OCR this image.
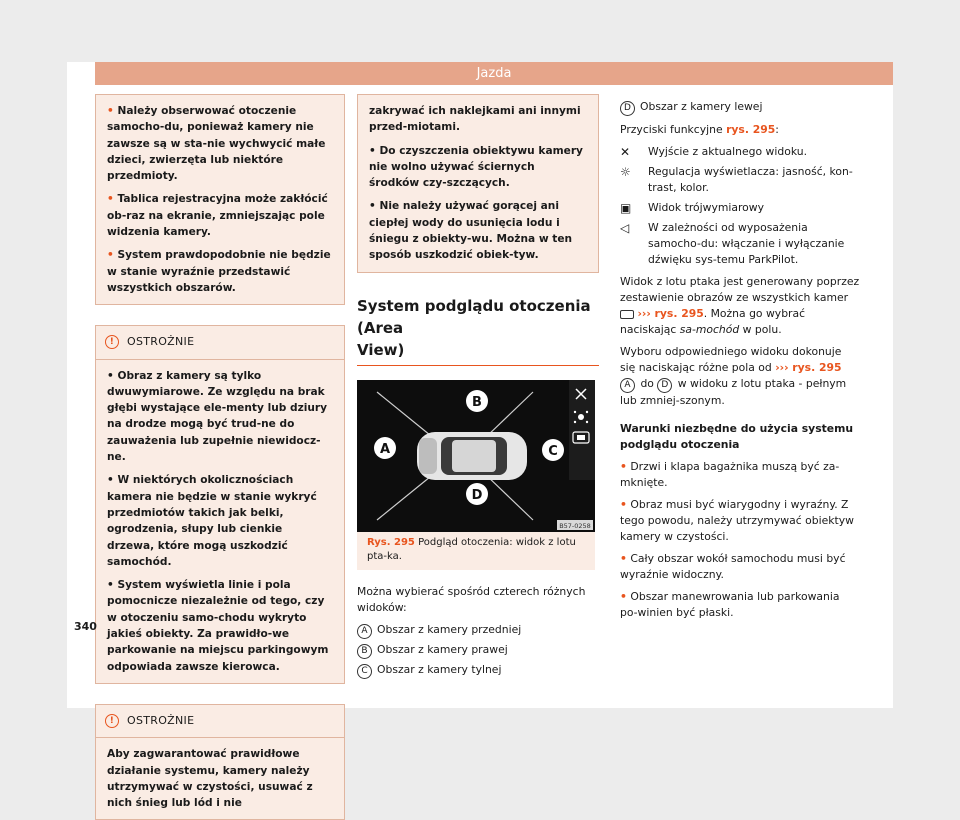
Jazda

• Należy obserwować otoczenie samocho-du, ponieważ kamery nie zawsze są w sta-nie wychwycić małe dzieci, zwierzęta lub niektóre przedmioty.

• Tablica rejestracyjna może zakłócić ob-raz na ekranie, zmniejszając pole widzenia kamery.

• System prawdopodobnie nie będzie w stanie wyraźnie przedstawić wszystkich obszarów.

!	OSTROŻNIE

• Obraz z kamery są tylko dwuwymiarowe. Ze względu na brak głębi wystające ele-menty lub dziury na drodze mogą być trud-ne do zauważenia lub zupełnie niewidocz-ne.

• W niektórych okolicznościach kamera nie będzie w stanie wykryć przedmiotów takich jak belki, ogrodzenia, słupy lub cienkie drzewa, które mogą uszkodzić samochód.

• System wyświetla linie i pola pomocnicze niezależnie od tego, czy w otoczeniu samo-chodu wykryto jakieś obiekty. Za prawidło-we parkowanie na miejscu parkingowym odpowiada zawsze kierowca.

!	OSTROŻNIE

Aby zagwarantować prawidłowe działanie systemu, kamery należy utrzymywać w czystości, usuwać z nich śnieg lub lód i nie

340

zakrywać ich naklejkami ani innymi przed-miotami.

• Do czyszczenia obiektywu kamery nie wolno używać ściernych środków czy-szczących.

• Nie należy używać gorącej ani ciepłej wody do usunięcia lodu i śniegu z obiekty-wu. Można w ten sposób uszkodzić obiek-tyw.

System podglądu otoczenia (Area
View)
B
A	C
D
B57-0258
Rys. 295 Podgląd otoczenia: widok z lotu pta-ka.

Można wybierać spośród czterech różnych widoków:

A Obszar z kamery przedniej
B Obszar z kamery prawej
C Obszar z kamery tylnej
D Obszar z kamery lewej

Przyciski funkcyjne rys. 295:

✕	Wyjście z aktualnego widoku.
☼	Regulacja wyświetlacza: jasność, kon-trast, kolor.
▣	Widok trójwymiarowy
◁	W zależności od wyposażenia samocho-du: włączanie i wyłączanie dźwięku sys-temu ParkPilot.

Widok z lotu ptaka jest generowany poprzez zestawienie obrazów ze wszystkich kamer  ››› rys. 295. Można go wybrać naciskając sa-mochód w polu.

Wyboru odpowiedniego widoku dokonuje się naciskając różne pola od ››› rys. 295 A do D w widoku z lotu ptaka - pełnym lub zmniej-szonym.

Warunki niezbędne do użycia systemu podglądu otoczenia

• Drzwi i klapa bagażnika muszą być za-mknięte.

• Obraz musi być wiarygodny i wyraźny. Z tego powodu, należy utrzymywać obiektyw kamery w czystości.

• Cały obszar wokół samochodu musi być wyraźnie widoczny.

• Obszar manewrowania lub parkowania po-winien być płaski.
